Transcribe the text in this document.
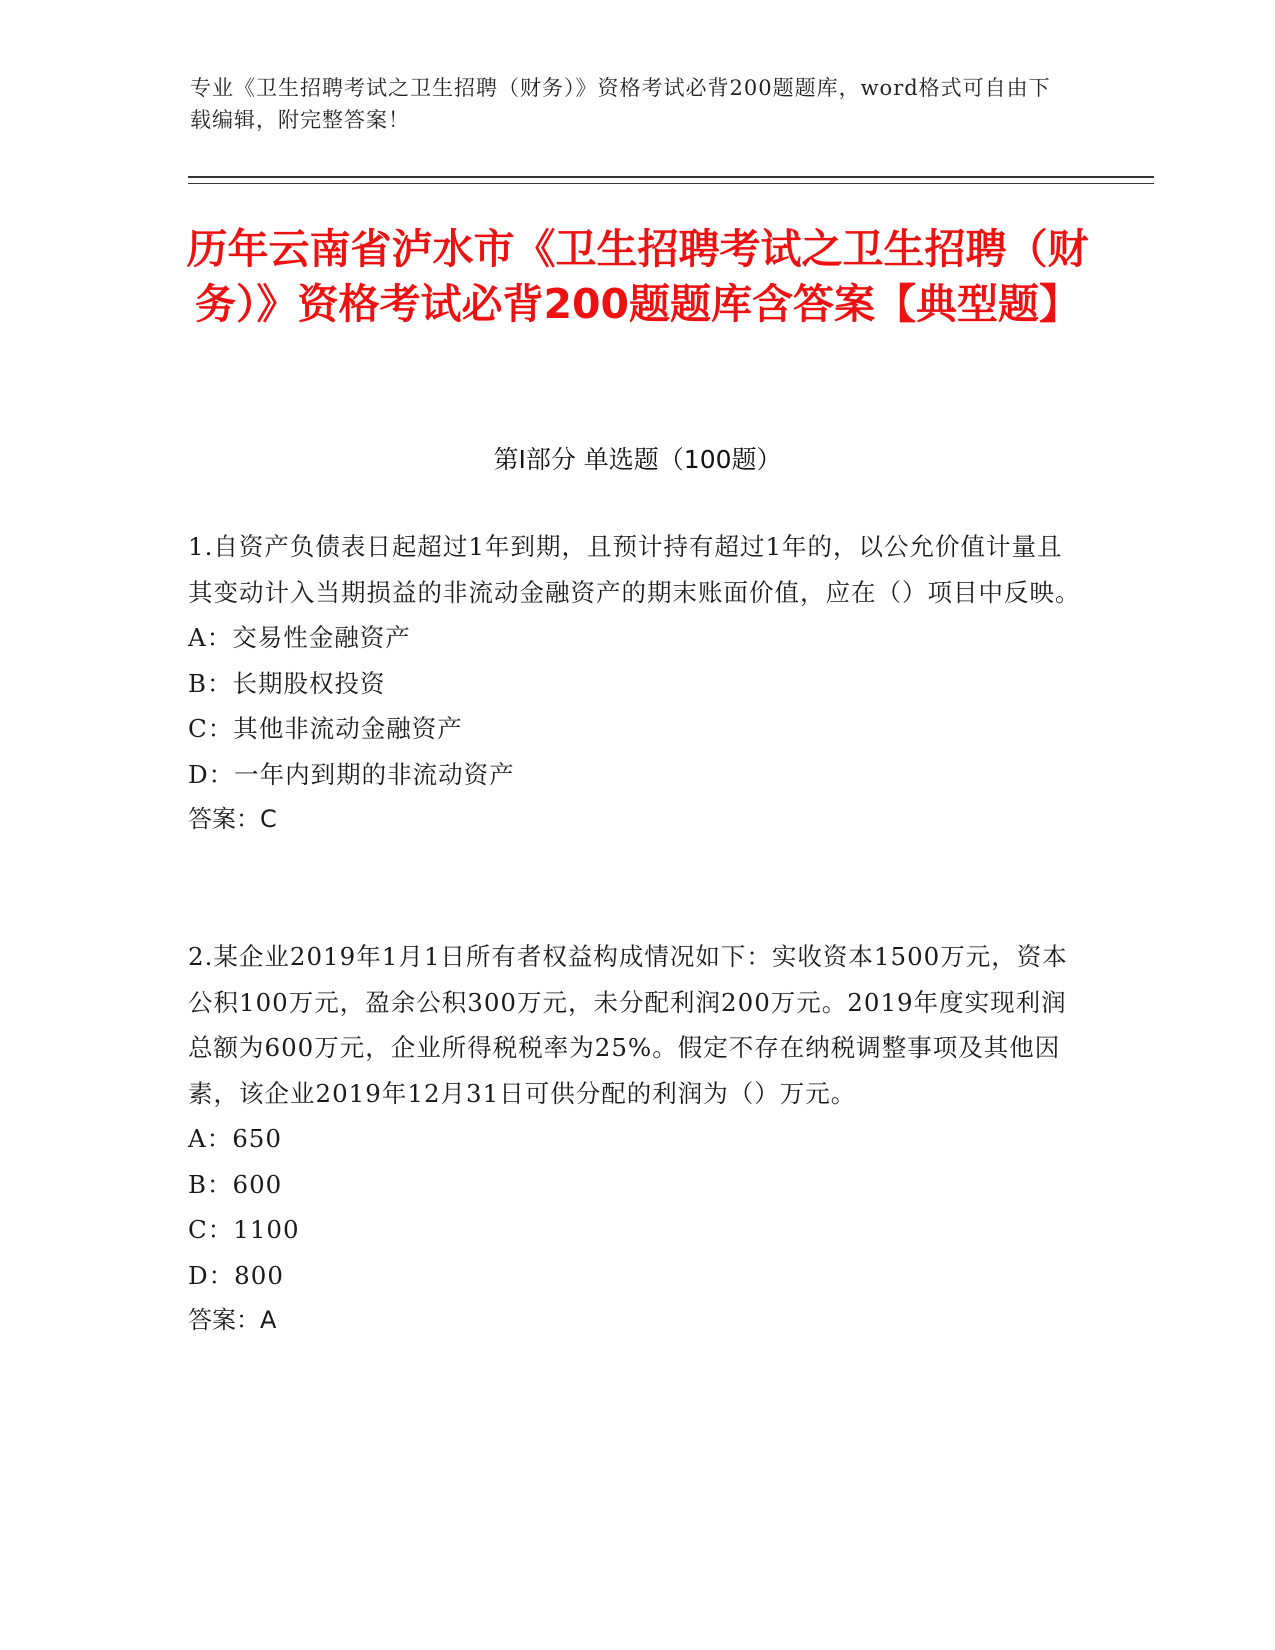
专业《卫生招聘考试之卫生招聘（财务）》资格考试必背200题题库，word格式可自由下载编辑，附完整答案！
历年云南省泸水市《卫生招聘考试之卫生招聘（财务）》资格考试必背200题题库含答案【典型题】
第Ⅰ部分 单选题（100题）

1.自资产负债表日起超过1年到期，且预计持有超过1年的，以公允价值计量且其变动计入当期损益的非流动金融资产的期末账面价值，应在（）项目中反映。

A：交易性金融资产

B：长期股权投资

C：其他非流动金融资产

D：一年内到期的非流动资产

答案：C

2.某企业2019年1月1日所有者权益构成情况如下：实收资本1500万元，资本公积100万元，盈余公积300万元，未分配利润200万元。2019年度实现利润总额为600万元，企业所得税税率为25%。假定不存在纳税调整事项及其他因素，该企业2019年12月31日可供分配的利润为（）万元。

A：650

B：600

C：1100

D：800

答案：A
